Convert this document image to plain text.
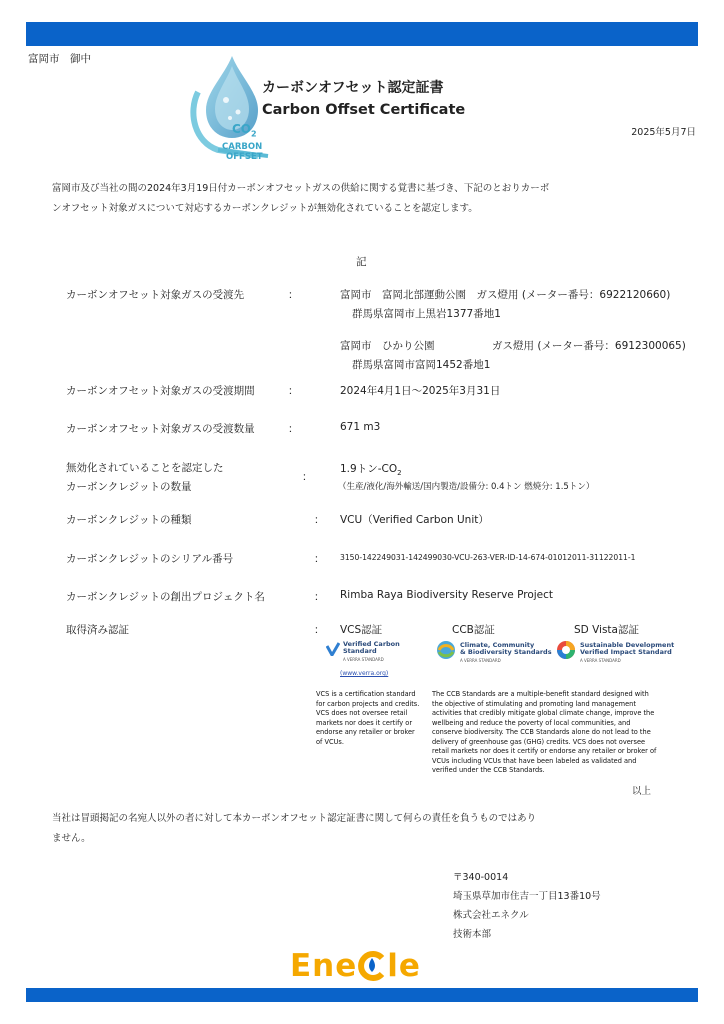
富岡市　御中
$CO_2$
CARBON
OFFSET
カーボンオフセット認定証書
Carbon Offset Certificate
2025年5月7日
富岡市及び当社の間の2024年3月19日付カーボンオフセットガスの供給に関する覚書に基づき、下記のとおりカーボ
ンオフセット対象ガスについて対応するカーボンクレジットが無効化されていることを認定します。
記
カーボンオフセット対象ガスの受渡先	：	富岡市　富岡北部運動公園　ガス燈用 (メーター番号：6922120660)
群馬県富岡市上黒岩1377番地1
富岡市　ひかり公園	ガス燈用 (メーター番号：6912300065)
群馬県富岡市富岡1452番地1
カーボンオフセット対象ガスの受渡期間	：	2024年4月1日～2025年3月31日
カーボンオフセット対象ガスの受渡数量	：	671 m3
無効化されていることを認定した
カーボンクレジットの数量
：
1.9トン$-CO_2$
（生産/液化/海外輸送/国内製造/設備分: 0.4トン 燃焼分: 1.5トン）
カーボンクレジットの種類	： VCU（Verified Carbon Unit）
カーボンクレジットのシリアル番号	： 3150-142249031-142499030-VCU-263-VER-ID-14-674-01012011-31122011-1
カーボンクレジットの創出プロジェクト名	： Rimba Raya Biodiversity Reserve Project
取得済み認証	： VCS認証	CCB認証	SD Vista認証
Verified Carbon
Standard
A VERRA STANDARD
(www.verra.org)
Climate, Community
& Biodiversity Standards
A VERRA STANDARD
Sustainable Development
Verified Impact Standard
A VERRA STANDARD
VCS is a certification standard for carbon projects and credits. VCS does not oversee retail markets nor does it certify or endorse any retailer or broker of VCUs.
The CCB Standards are a multiple-benefit standard designed with the objective of stimulating and promoting land management activities that credibly mitigate global climate change, improve the wellbeing and reduce the poverty of local communities, and conserve biodiversity. The CCB Standards alone do not lead to the delivery of greenhouse gas (GHG) credits. VCS does not oversee retail markets nor does it certify or endorse any retailer or broker of VCUs including VCUs that have been labeled as validated and verified under the CCB Standards.
以上
当社は冒頭掲記の名宛人以外の者に対して本カーボンオフセット認定証書に関して何らの責任を負うものではあり
ません。
〒340-0014
埼玉県草加市住吉一丁目13番10号
株式会社エネクル
技術本部
Ene le
